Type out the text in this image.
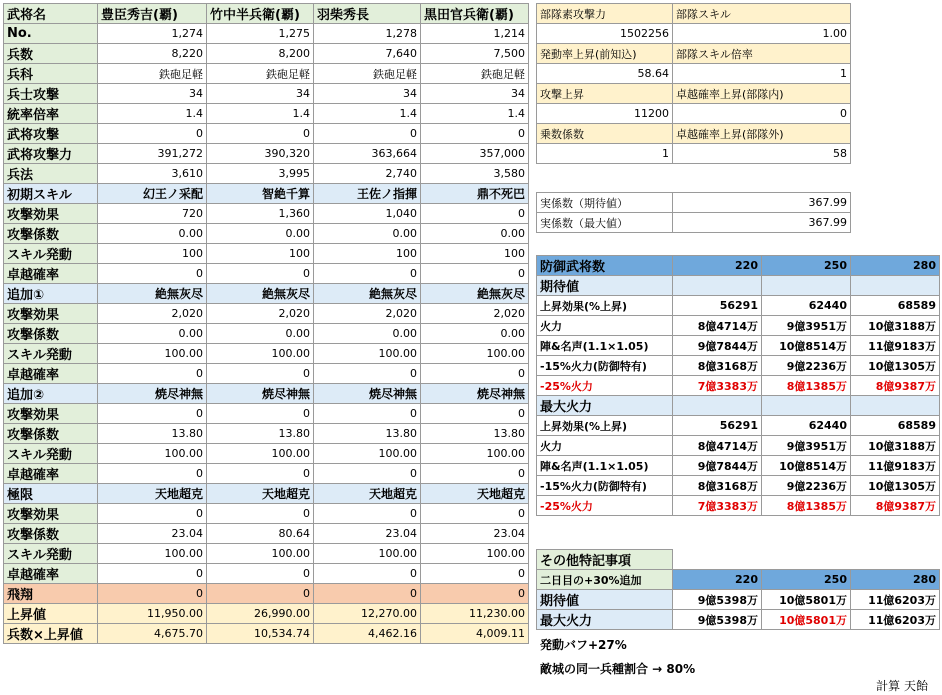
武将名	豊臣秀吉(覇)	竹中半兵衛(覇)	羽柴秀長	黒田官兵衛(覇)
No.	1,274	1,275	1,278	1,214
兵数	8,220	8,200	7,640	7,500
兵科	鉄砲足軽	鉄砲足軽	鉄砲足軽	鉄砲足軽
兵士攻撃	34	34	34	34
統率倍率	1.4	1.4	1.4	1.4
武将攻撃	0	0	0	0
武将攻撃力	391,272	390,320	363,664	357,000
兵法	3,610	3,995	2,740	3,580
初期スキル	幻王ノ采配	智絶千算	王佐ノ指揮	鼎不死巴
攻撃効果	720	1,360	1,040	0
攻撃係数	0.00	0.00	0.00	0.00
スキル発動	100	100	100	100
卓越確率	0	0	0	0
追加①	絶無灰尽	絶無灰尽	絶無灰尽	絶無灰尽
攻撃効果	2,020	2,020	2,020	2,020
攻撃係数	0.00	0.00	0.00	0.00
スキル発動	100.00	100.00	100.00	100.00
卓越確率	0	0	0	0
追加②	焼尽神無	焼尽神無	焼尽神無	焼尽神無
攻撃効果	0	0	0	0
攻撃係数	13.80	13.80	13.80	13.80
スキル発動	100.00	100.00	100.00	100.00
卓越確率	0	0	0	0
極限	天地超克	天地超克	天地超克	天地超克
攻撃効果	0	0	0	0
攻撃係数	23.04	80.64	23.04	23.04
スキル発動	100.00	100.00	100.00	100.00
卓越確率	0	0	0	0
飛翔	0	0	0	0
上昇値	11,950.00	26,990.00	12,270.00	11,230.00
兵数×上昇値	4,675.70	10,534.74	4,462.16	4,009.11
部隊素攻撃力	部隊スキル
1502256	1.00
発動率上昇(前知込)	部隊スキル倍率
58.64	1
攻撃上昇	卓越確率上昇(部隊内)
11200	0
乗数係数	卓越確率上昇(部隊外)
1	58
実係数（期待値）	367.99
実係数（最大値）	367.99
防御武将数	220	250	280
期待値			
上昇効果(%上昇)	56291	62440	68589
火力	8億4714万	9億3951万	10億3188万
陣&名声(1.1×1.05)	9億7844万	10億8514万	11億9183万
-15%火力(防御特有)	8億3168万	9億2236万	10億1305万
-25%火力	7億3383万	8億1385万	8億9387万
最大火力			
上昇効果(%上昇)	56291	62440	68589
火力	8億4714万	9億3951万	10億3188万
陣&名声(1.1×1.05)	9億7844万	10億8514万	11億9183万
-15%火力(防御特有)	8億3168万	9億2236万	10億1305万
-25%火力	7億3383万	8億1385万	8億9387万
その他特記事項			
二日目の+30%追加	220	250	280
期待値	9億5398万	10億5801万	11億6203万
最大火力	9億5398万	10億5801万	11億6203万
発動バフ+27%
敵城の同一兵種割合 → 80%
計算 天飴
